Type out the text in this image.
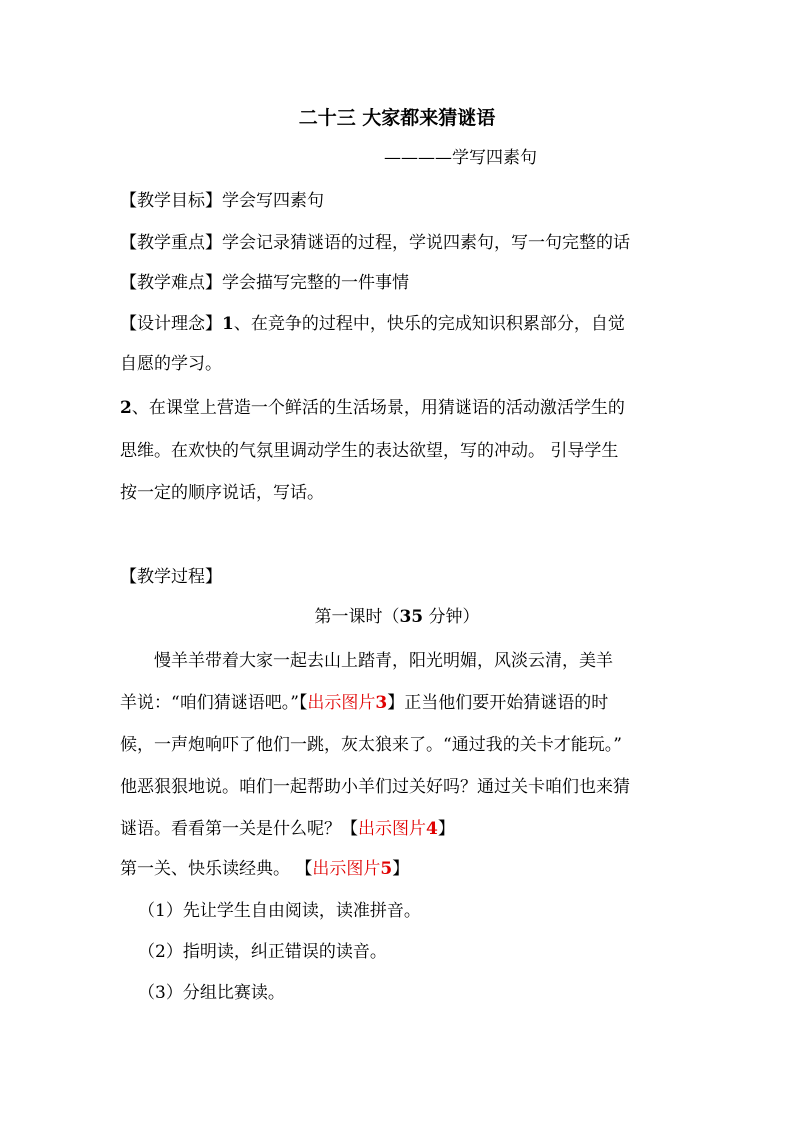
二十三 大家都来猜谜语
————学写四素句
【教学目标】学会写四素句
【教学重点】学会记录猜谜语的过程，学说四素句，写一句完整的话
【教学难点】学会描写完整的一件事情
【设计理念】1、在竞争的过程中，快乐的完成知识积累部分，自觉
自愿的学习。
2、在课堂上营造一个鲜活的生活场景，用猜谜语的活动激活学生的
思维。在欢快的气氛里调动学生的表达欲望，写的冲动。 引导学生
按一定的顺序说话，写话。
【教学过程】
第一课时（35 分钟）
慢羊羊带着大家一起去山上踏青，阳光明媚，风淡云清，美羊
羊说：“咱们猜谜语吧。”【出示图片3】正当他们要开始猜谜语的时
候，一声炮响吓了他们一跳，灰太狼来了。“通过我的关卡才能玩。”
他恶狠狠地说。咱们一起帮助小羊们过关好吗？通过关卡咱们也来猜
谜语。看看第一关是什么呢？【出示图片4】
第一关、快乐读经典。 【出示图片5】
（1）先让学生自由阅读，读准拼音。
（2）指明读，纠正错误的读音。
（3）分组比赛读。
